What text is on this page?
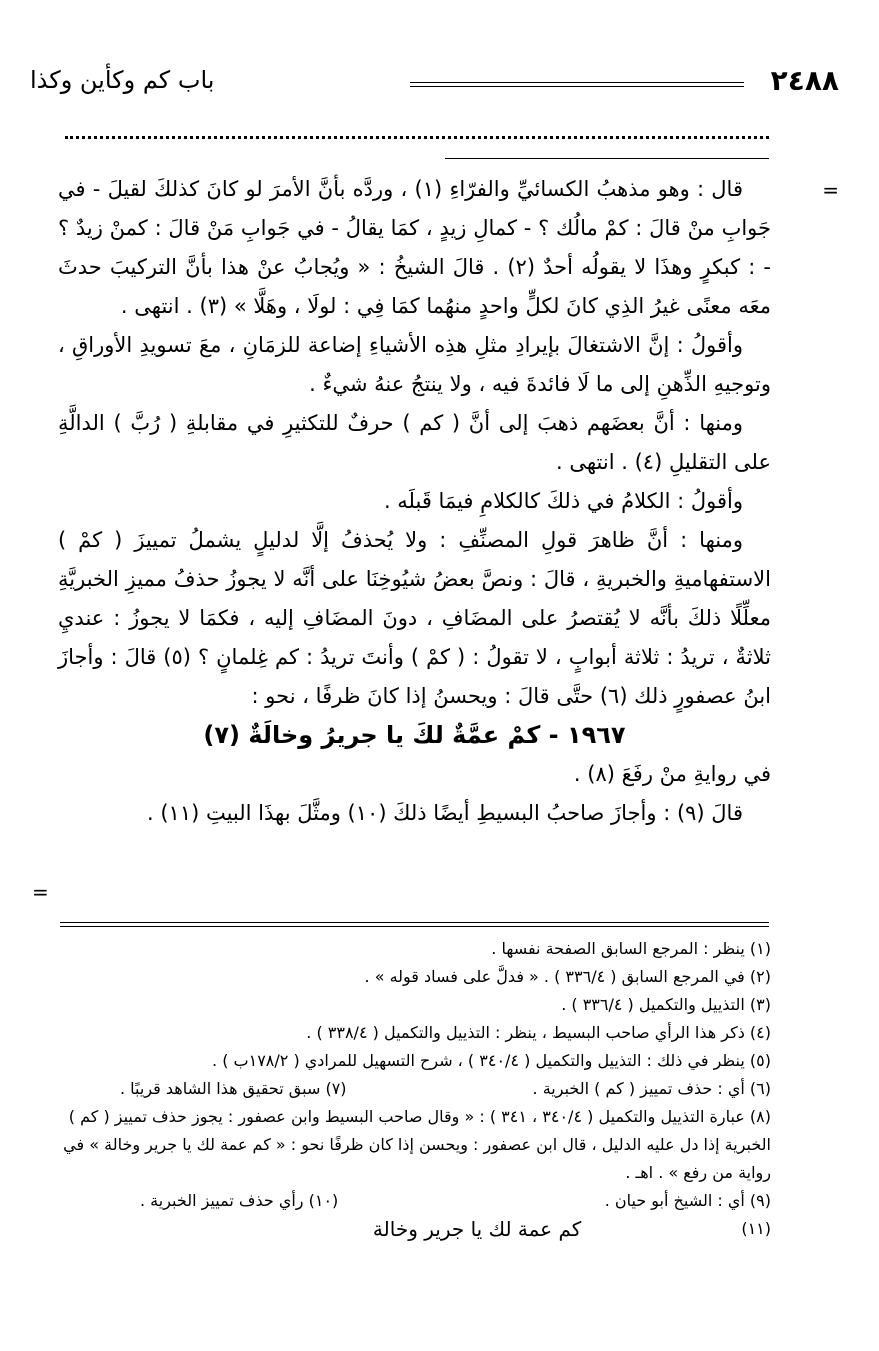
٢٤٨٨
باب كم وكأين وكذا
=
=

قال : وهو مذهبُ الكسائيِّ والفرّاءِ (١) ، وردَّه بأنَّ الأمرَ لو كانَ كذلكَ لقيلَ - في جَوابِ منْ قالَ : كمْ مالُك ؟ - كمالِ زيدٍ ، كمَا يقالُ - في جَوابِ مَنْ قالَ : كمنْ زيدٌ ؟ - : كبكرٍ وهذَا لا يقولُه أحدٌ (٢) . قالَ الشيخُ : « ويُجابُ عنْ هذا بأنَّ التركيبَ حدثَ معَه معنًى غيرُ الذِي كانَ لكلٍّ واحدٍ منهُما كمَا فِي : لولَا ، وهَلَّا » (٣) . انتهى .

وأقولُ : إنَّ الاشتغالَ بإيرادِ مثلِ هذِه الأشياءِ إضاعة للزمَانِ ، معَ تسويدِ الأوراقِ ، وتوجيهِ الذِّهنِ إلى ما لَا فائدةَ فيه ، ولا ينتجُ عنهُ شيءٌ .

ومنها : أنَّ بعضَهم ذهبَ إلى أنَّ ( كم ) حرفٌ للتكثيرِ في مقابلةِ ( رُبَّ ) الدالَّةِ على التقليلِ (٤) . انتهى .

وأقولُ : الكلامُ في ذلكَ كالكلامِ فيمَا قَبلَه .

ومنها : أنَّ ظاهرَ قولِ المصنِّفِ : ولا يُحذفُ إلَّا لدليلٍ يشملُ تمييزَ ( كمْ ) الاستفهاميةِ والخبريةِ ، قالَ : ونصَّ بعضُ شيُوخِنَا على أنَّه لا يجوزُ حذفُ مميزِ الخبريَّةِ معلِّلًا ذلكَ بأنَّه لا يُقتصرُ على المضَافِ ، دونَ المضَافِ إليه ، فكمَا لا يجوزُ : عنديِ ثلاثةٌ ، تريدُ : ثلاثة أبوابٍ ، لا تقولُ : ( كمْ ) وأنتَ تريدُ : كم غِلمانٍ ؟ (٥) قالَ : وأجازَ ابنُ عصفورٍ ذلك (٦) حتَّى قالَ : ويحسنُ إذا كانَ ظرفًا ، نحو :

١٩٦٧ - كمْ عمَّةٌ لكَ يا جريرُ وخالَةٌ (٧)

في روايةِ منْ رفَعَ (٨) .

قالَ (٩) : وأجازَ صاحبُ البسيطِ أيضًا ذلكَ (١٠) ومثَّلَ بهذَا البيتِ (١١) .

(١) ينظر : المرجع السابق الصفحة نفسها .

(٢) في المرجع السابق ( ٣٣٦/٤ ) . « فدلَّ على فساد قوله » .

(٣) التذييل والتكميل ( ٣٣٦/٤ ) .

(٤) ذكر هذا الرأي صاحب البسيط ، ينظر : التذييل والتكميل ( ٣٣٨/٤ ) .

(٥) ينظر في ذلك : التذييل والتكميل ( ٣٤٠/٤ ) ، شرح التسهيل للمرادي ( ١٧٨/٢ب ) .

(٦) أي : حذف تمييز ( كم ) الخبرية .
(٧) سبق تحقيق هذا الشاهد قريبًا .

(٨) عبارة التذييل والتكميل ( ٣٤٠/٤ ، ٣٤١ ) : « وقال صاحب البسيط وابن عصفور : يجوز حذف تمييز ( كم ) الخبرية إذا دل عليه الدليل ، قال ابن عصفور : ويحسن إذا كان ظرفًا نحو : « كم عمة لك يا جرير وخالة » في رواية من رفع » . اهـ .

(٩) أي : الشيخ أبو حيان .
(١٠) رأي حذف تمييز الخبرية .
(١١)
كم عمة لك يا جرير وخالة
